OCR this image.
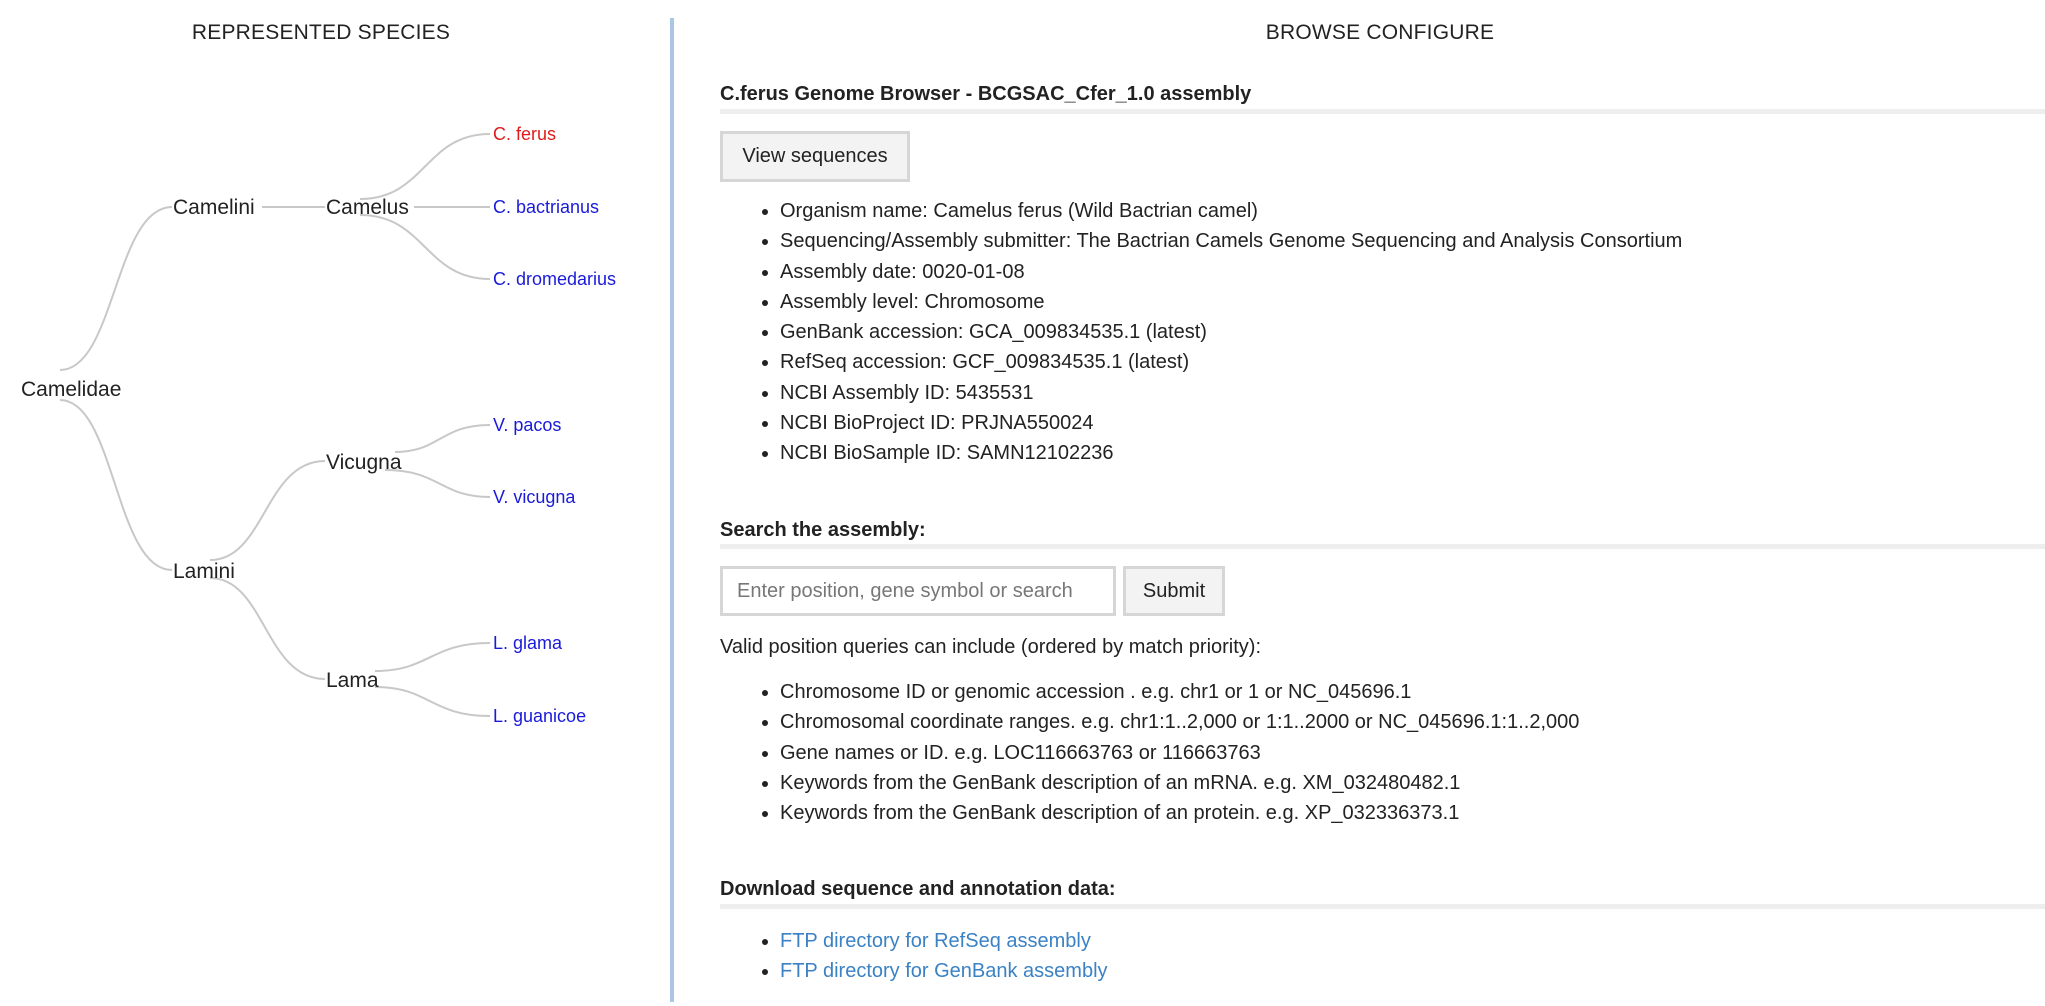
REPRESENTED SPECIES
Camelidae
Camelini
Lamini
Camelus
Vicugna
Lama
C. ferus
C. bactrianus
C. dromedarius
V. pacos
V. vicugna
L. glama
L. guanicoe
BROWSE CONFIGURE
C.ferus Genome Browser - BCGSAC_Cfer_1.0 assembly
View sequences
• Organism name: Camelus ferus (Wild Bactrian camel)
• Sequencing/Assembly submitter: The Bactrian Camels Genome Sequencing and Analysis Consortium
• Assembly date: 0020-01-08
• Assembly level: Chromosome
• GenBank accession: GCA_009834535.1 (latest)
• RefSeq accession: GCF_009834535.1 (latest)
• NCBI Assembly ID: 5435531
• NCBI BioProject ID: PRJNA550024
• NCBI BioSample ID: SAMN12102236
Search the assembly:
Enter position, gene symbol or search
Submit
Valid position queries can include (ordered by match priority):
• Chromosome ID or genomic accession . e.g. chr1 or 1 or NC_045696.1
• Chromosomal coordinate ranges. e.g. chr1:1..2,000 or 1:1..2000 or NC_045696.1:1..2,000
• Gene names or ID. e.g. LOC116663763 or 116663763
• Keywords from the GenBank description of an mRNA. e.g. XM_032480482.1
• Keywords from the GenBank description of an protein. e.g. XP_032336373.1
Download sequence and annotation data:
• FTP directory for RefSeq assembly
• FTP directory for GenBank assembly
